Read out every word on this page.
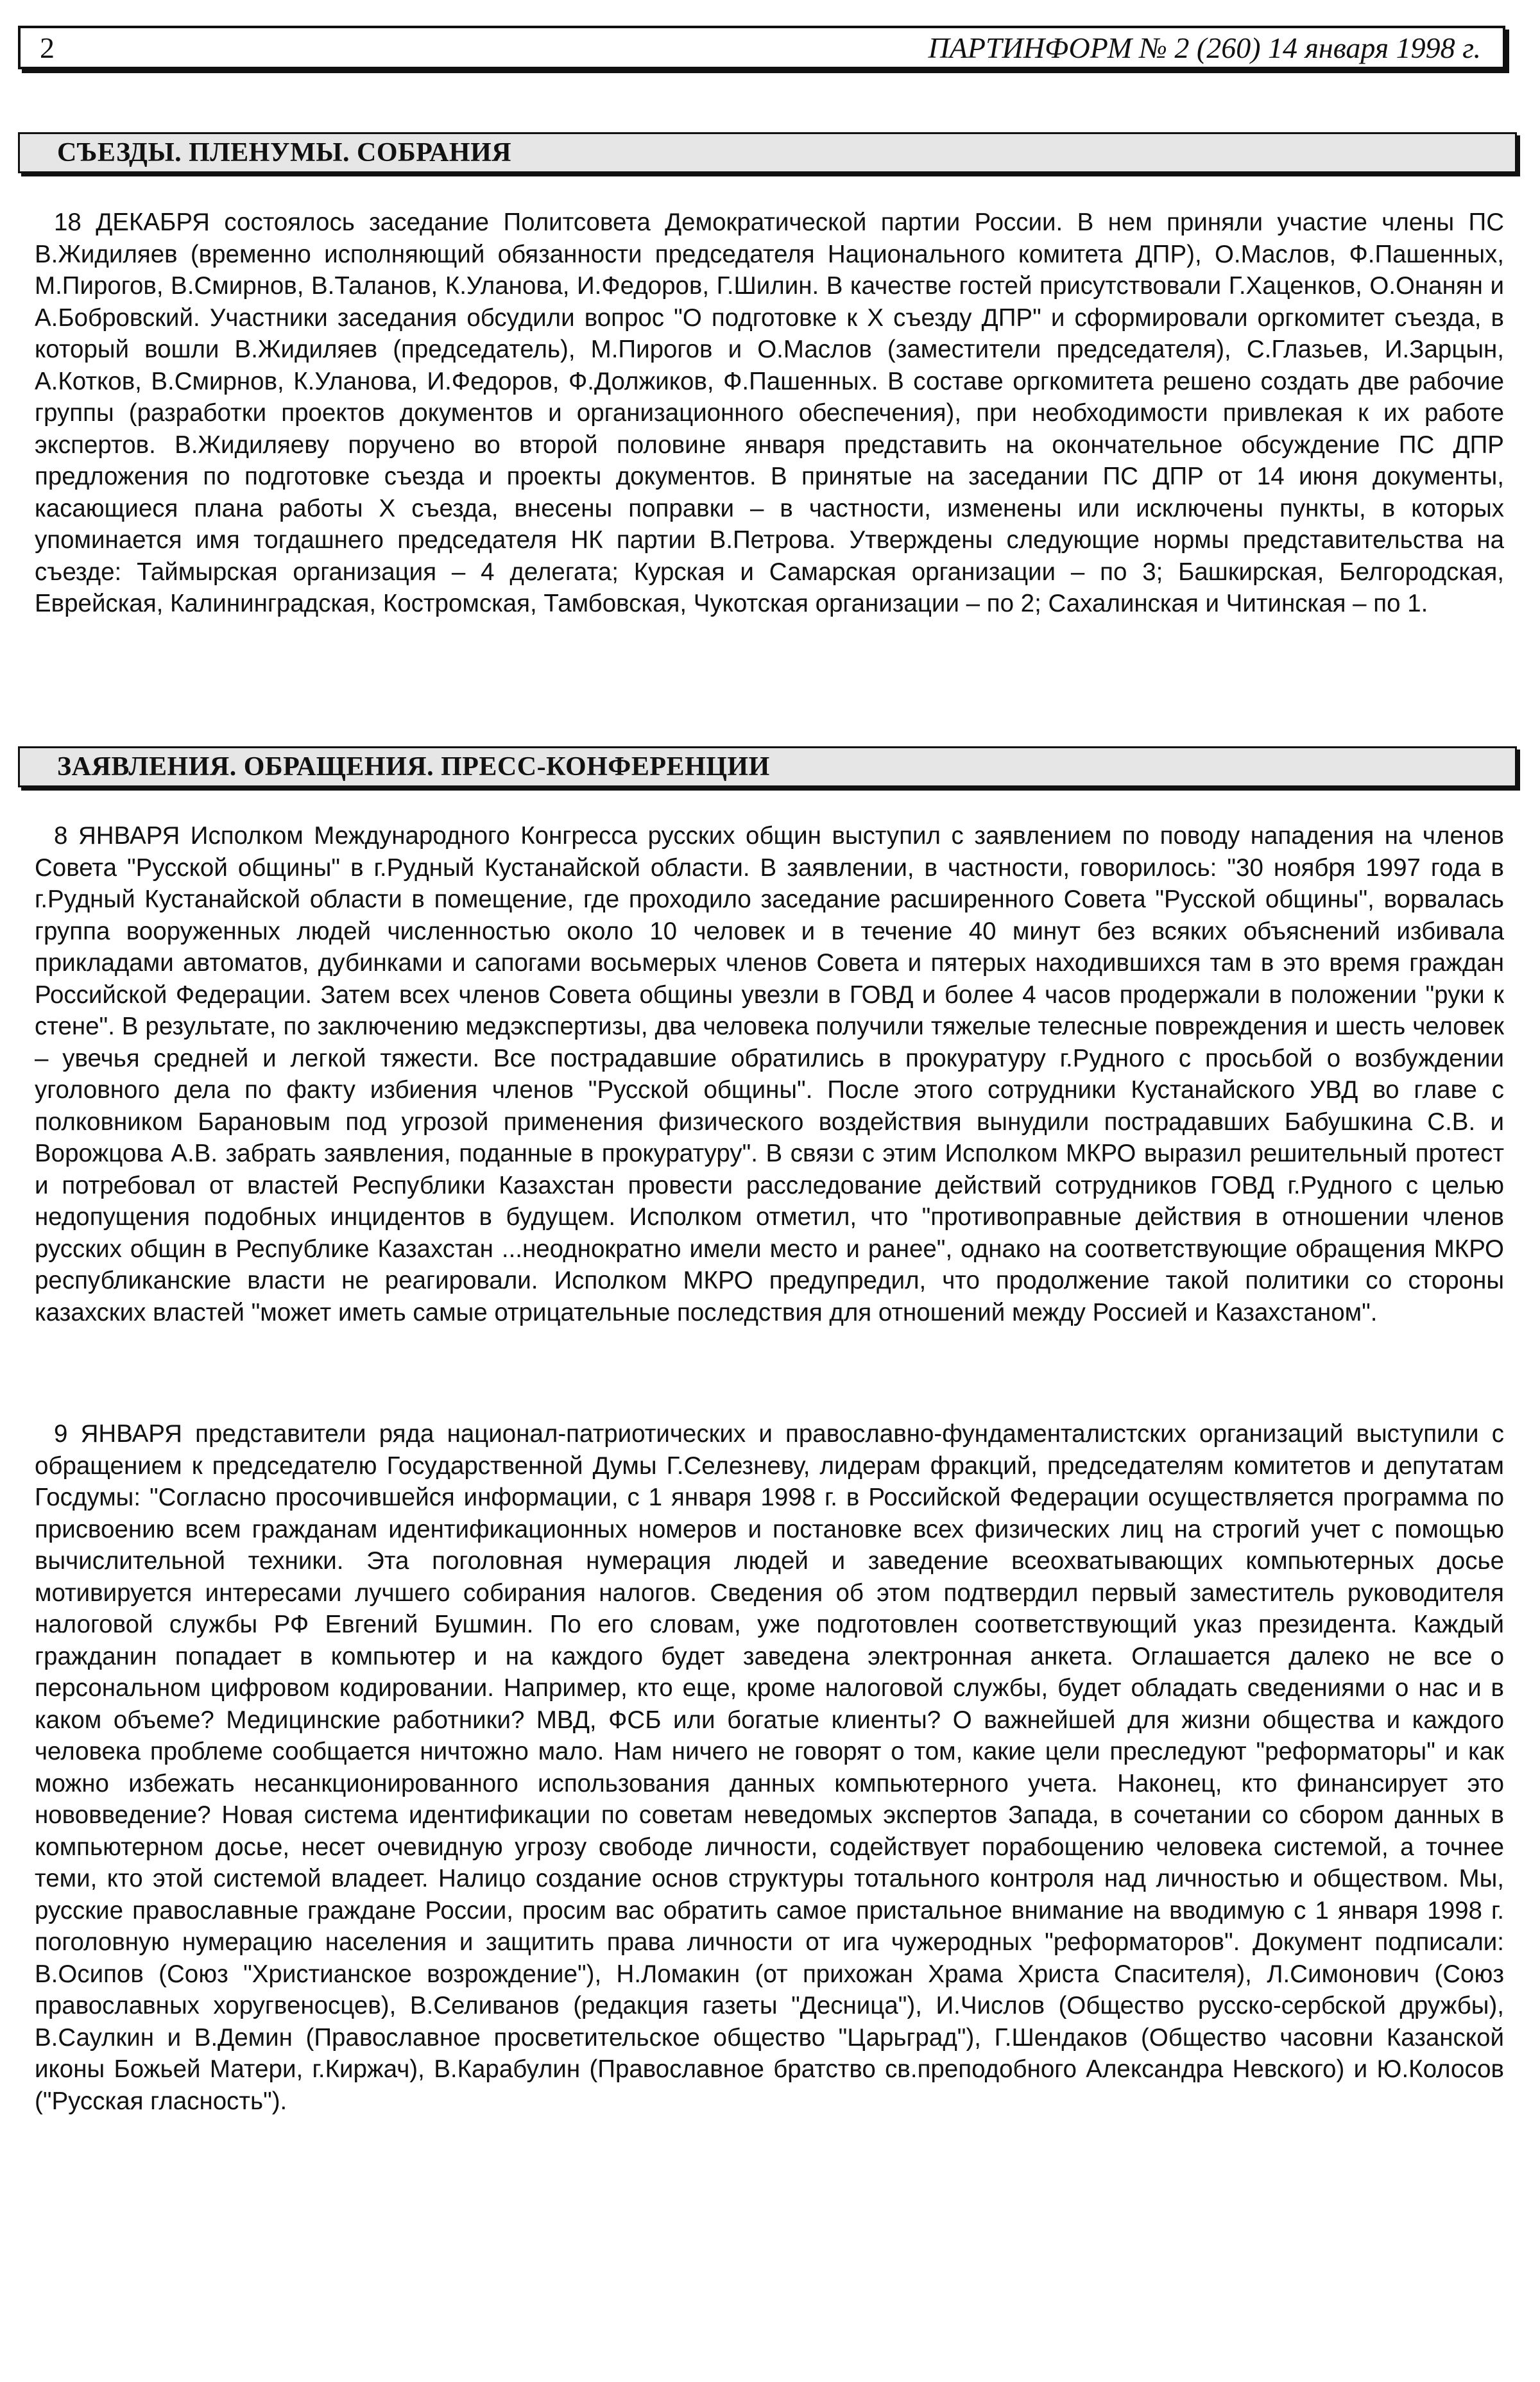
2	ПАРТИНФОРМ № 2 (260) 14 января 1998 г.
СЪЕЗДЫ. ПЛЕНУМЫ. СОБРАНИЯ

18 ДЕКАБРЯ состоялось заседание Политсовета Демократической партии России. В нем приняли участие члены ПС В.Жидиляев (временно исполняющий обязанности председателя Национального комитета ДПР), О.Маслов, Ф.Пашенных, М.Пирогов, В.Смирнов, В.Таланов, К.Уланова, И.Федоров, Г.Шилин. В качестве гостей присутствовали Г.Хаценков, О.Онанян и А.Бобровский. Участники заседания обсудили вопрос "О подготовке к X съезду ДПР" и сформировали оргкомитет съезда, в который вошли В.Жидиляев (председатель), М.Пирогов и О.Маслов (заместители председателя), С.Глазьев, И.Зарцын, А.Котков, В.Смирнов, К.Уланова, И.Федоров, Ф.Должиков, Ф.Пашенных. В составе оргкомитета решено создать две рабочие группы (разработки проектов документов и организационного обеспечения), при необходимости привлекая к их работе экспертов. В.Жидиляеву поручено во второй половине января представить на окончательное обсуждение ПС ДПР предложения по подготовке съезда и проекты документов. В принятые на заседании ПС ДПР от 14 июня документы, касающиеся плана работы X съезда, внесены поправки – в частности, изменены или исключены пункты, в которых упоминается имя тогдашнего председателя НК партии В.Петрова. Утверждены следующие нормы представительства на съезде: Таймырская организация – 4 делегата; Курская и Самарская организации – по 3; Башкирская, Белгородская, Еврейская, Калининградская, Костромская, Тамбовская, Чукотская организации – по 2; Сахалинская и Читинская – по 1.

ЗАЯВЛЕНИЯ. ОБРАЩЕНИЯ. ПРЕСС-КОНФЕРЕНЦИИ

8 ЯНВАРЯ Исполком Международного Конгресса русских общин выступил с заявлением по поводу нападения на членов Совета "Русской общины" в г.Рудный Кустанайской области. В заявлении, в частности, говорилось: "30 ноября 1997 года в г.Рудный Кустанайской области в помещение, где проходило заседание расширенного Совета "Русской общины", ворвалась группа вооруженных людей численностью около 10 человек и в течение 40 минут без всяких объяснений избивала прикладами автоматов, дубинками и сапогами восьмерых членов Совета и пятерых находившихся там в это время граждан Российской Федерации. Затем всех членов Совета общины увезли в ГОВД и более 4 часов продержали в положении "руки к стене". В результате, по заключению медэкспертизы, два человека получили тяжелые телесные повреждения и шесть человек – увечья средней и легкой тяжести. Все пострадавшие обратились в прокуратуру г.Рудного с просьбой о возбуждении уголовного дела по факту избиения членов "Русской общины". После этого сотрудники Кустанайского УВД во главе с полковником Барановым под угрозой применения физического воздействия вынудили пострадавших Бабушкина С.В. и Ворожцова А.В. забрать заявления, поданные в прокуратуру". В связи с этим Исполком МКРО выразил решительный протест и потребовал от властей Республики Казахстан провести расследование действий сотрудников ГОВД г.Рудного с целью недопущения подобных инцидентов в будущем. Исполком отметил, что "противоправные действия в отношении членов русских общин в Республике Казахстан ...неоднократно имели место и ранее", однако на соответствующие обращения МКРО республиканские власти не реагировали. Исполком МКРО предупредил, что продолжение такой политики со стороны казахских властей "может иметь самые отрицательные последствия для отношений между Россией и Казахстаном".

9 ЯНВАРЯ представители ряда национал-патриотических и православно-фундаменталистских организаций выступили с обращением к председателю Государственной Думы Г.Селезневу, лидерам фракций, председателям комитетов и депутатам Госдумы: "Согласно просочившейся информации, с 1 января 1998 г. в Российской Федерации осуществляется программа по присвоению всем гражданам идентификационных номеров и постановке всех физических лиц на строгий учет с помощью вычислительной техники. Эта поголовная нумерация людей и заведение всеохватывающих компьютерных досье мотивируется интересами лучшего собирания налогов. Сведения об этом подтвердил первый заместитель руководителя налоговой службы РФ Евгений Бушмин. По его словам, уже подготовлен соответствующий указ президента. Каждый гражданин попадает в компьютер и на каждого будет заведена электронная анкета. Оглашается далеко не все о персональном цифровом кодировании. Например, кто еще, кроме налоговой службы, будет обладать сведениями о нас и в каком объеме? Медицинские работники? МВД, ФСБ или богатые клиенты? О важнейшей для жизни общества и каждого человека проблеме сообщается ничтожно мало. Нам ничего не говорят о том, какие цели преследуют "реформаторы" и как можно избежать несанкционированного использования данных компьютерного учета. Наконец, кто финансирует это нововведение? Новая система идентификации по советам неведомых экспертов Запада, в сочетании со сбором данных в компьютерном досье, несет очевидную угрозу свободе личности, содействует порабощению человека системой, а точнее теми, кто этой системой владеет. Налицо создание основ структуры тотального контроля над личностью и обществом. Мы, русские православные граждане России, просим вас обратить самое пристальное внимание на вводимую с 1 января 1998 г. поголовную нумерацию населения и защитить права личности от ига чужеродных "реформаторов". Документ подписали: В.Осипов (Союз "Христианское возрождение"), Н.Ломакин (от прихожан Храма Христа Спасителя), Л.Симонович (Союз православных хоругвеносцев), В.Селиванов (редакция газеты "Десница"), И.Числов (Общество русско-сербской дружбы), В.Саулкин и В.Демин (Православное просветительское общество "Царьград"), Г.Шендаков (Общество часовни Казанской иконы Божьей Матери, г.Киржач), В.Карабулин (Православное братство св.преподобного Александра Невского) и Ю.Колосов ("Русская гласность").
